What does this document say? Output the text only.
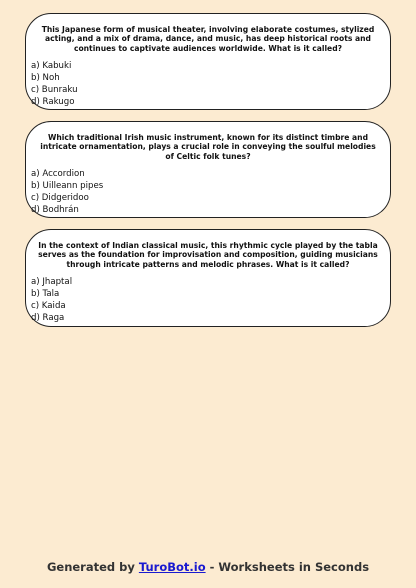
This Japanese form of musical theater, involving elaborate costumes, stylized acting, and a mix of drama, dance, and music, has deep historical roots and continues to captivate audiences worldwide. What is it called?
a) Kabuki
b) Noh
c) Bunraku
d) Rakugo
Which traditional Irish music instrument, known for its distinct timbre and intricate ornamentation, plays a crucial role in conveying the soulful melodies of Celtic folk tunes?
a) Accordion
b) Uilleann pipes
c) Didgeridoo
d) Bodhrán
In the context of Indian classical music, this rhythmic cycle played by the tabla serves as the foundation for improvisation and composition, guiding musicians through intricate patterns and melodic phrases. What is it called?
a) Jhaptal
b) Tala
c) Kaida
d) Raga
Generated by TuroBot.io - Worksheets in Seconds
